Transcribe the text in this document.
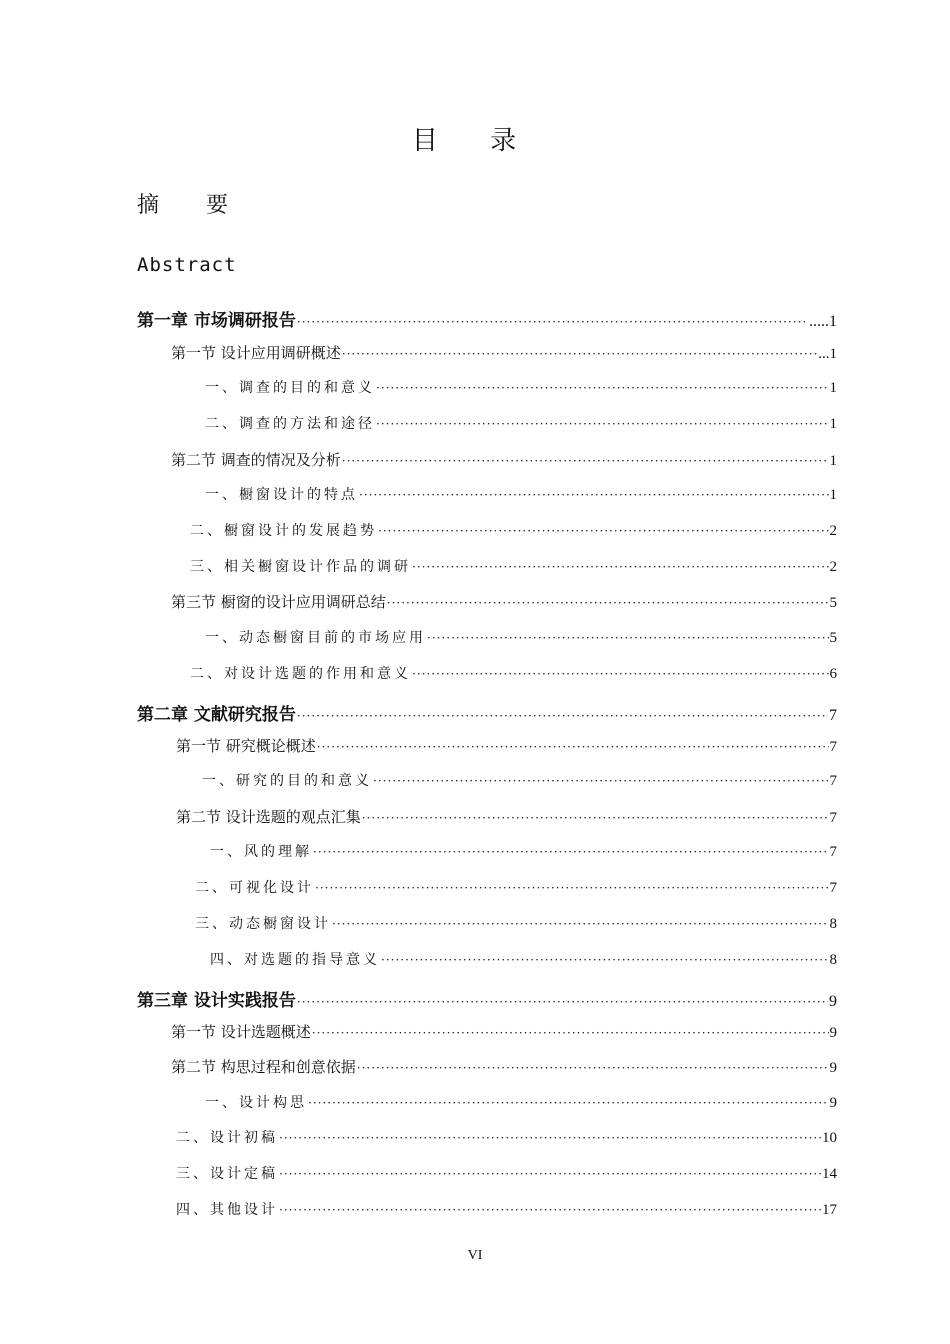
目 录
摘 要
Abstract
第一章 市场调研报告 ·····	.....1
第一节 设计应用调研概述 ·····	...1
一、调查的目的和意义 ·····	1
二、调查的方法和途径 ·····	1
第二节 调查的情况及分析 ·····	1
一、橱窗设计的特点 ·····	1
二、橱窗设计的发展趋势 ·····	2
三、相关橱窗设计作品的调研 ·····	2
第三节 橱窗的设计应用调研总结 ·····	5
一、动态橱窗目前的市场应用 ·····	5
二、对设计选题的作用和意义 ·····	6
第二章 文献研究报告 ·····	7
第一节 研究概论概述 ·····	7
一、研究的目的和意义 ·····	7
第二节 设计选题的观点汇集 ·····	7
一、风的理解 ·····	7
二、可视化设计 ·····	7
三、动态橱窗设计 ·····	8
四、对选题的指导意义 ·····	8
第三章 设计实践报告 ·····	9
第一节 设计选题概述 ·····	9
第二节 构思过程和创意依据 ·····	9
一、设计构思 ·····	9
二、设计初稿 ·····	10
三、设计定稿 ·····	14
四、其他设计 ·····	17
VI
